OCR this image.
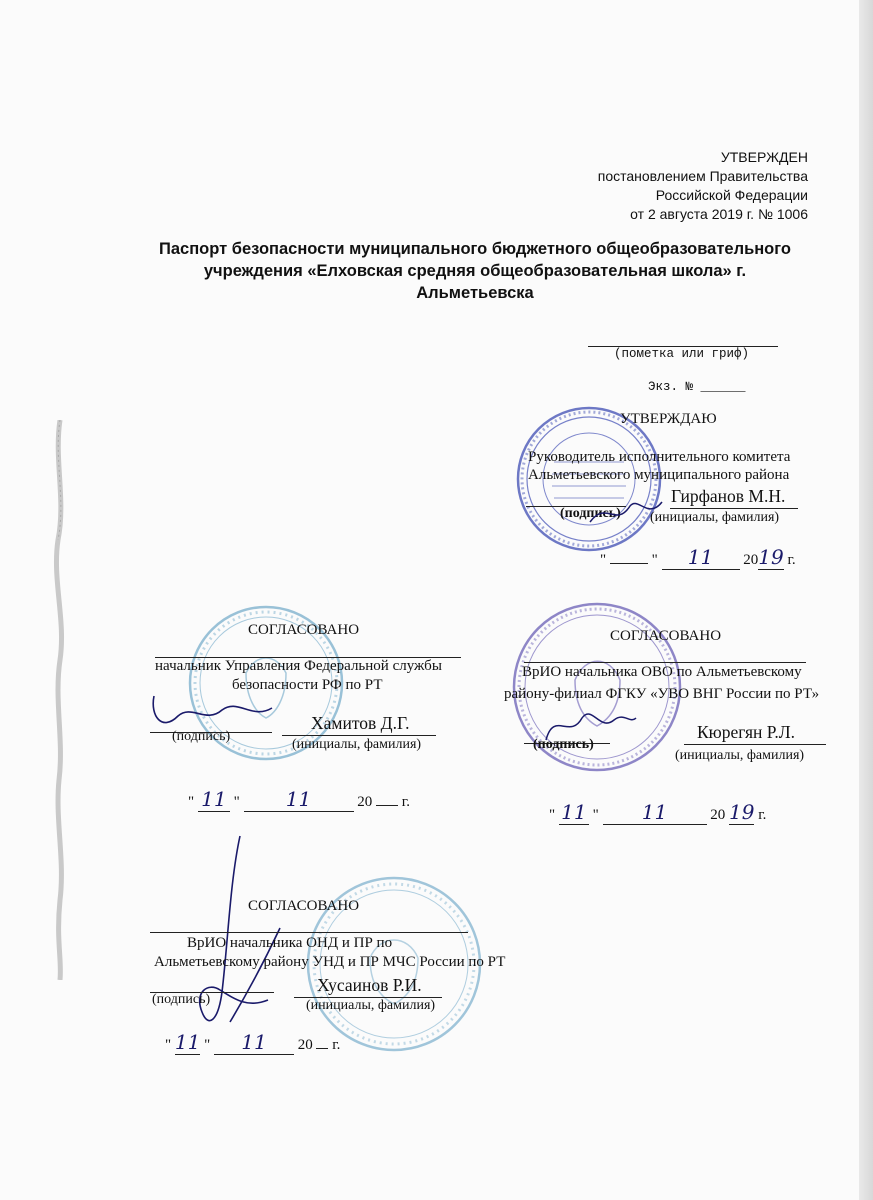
УТВЕРЖДЕН
постановлением Правительства
Российской Федерации
от 2 августа 2019 г. № 1006
Паспорт безопасности муниципального бюджетного общеобразовательного
учреждения «Елховская средняя общеобразовательная школа» г.
Альметьевска
(пометка или гриф)
Экз. № ______
УТВЕРЖДАЮ
Руководитель исполнительного комитета
Альметьевского муниципального района
Гирфанов М.Н.
(подпись) (инициалы, фамилия)
"	" 11 2019 г.
СОГЛАСОВАНО
начальник Управления Федеральной службы
безопасности РФ по РТ
Хамитов Д.Г.
(подпись)
(инициалы, фамилия)
" 11 " 11	20 г.
СОГЛАСОВАНО
ВрИО начальника ОВО по Альметьевскому
району-филиал ФГКУ «УВО ВНГ России по РТ»
Кюрегян Р.Л.
(подпись)
(инициалы, фамилия)
" 11 " 11	20 19 г.
СОГЛАСОВАНО
ВрИО начальника ОНД и ПР по
Альметьевскому району УНД и ПР МЧС России по РТ
Хусаинов Р.И.
(подпись)	(инициалы, фамилия)
" 11 " 11 20 г.
